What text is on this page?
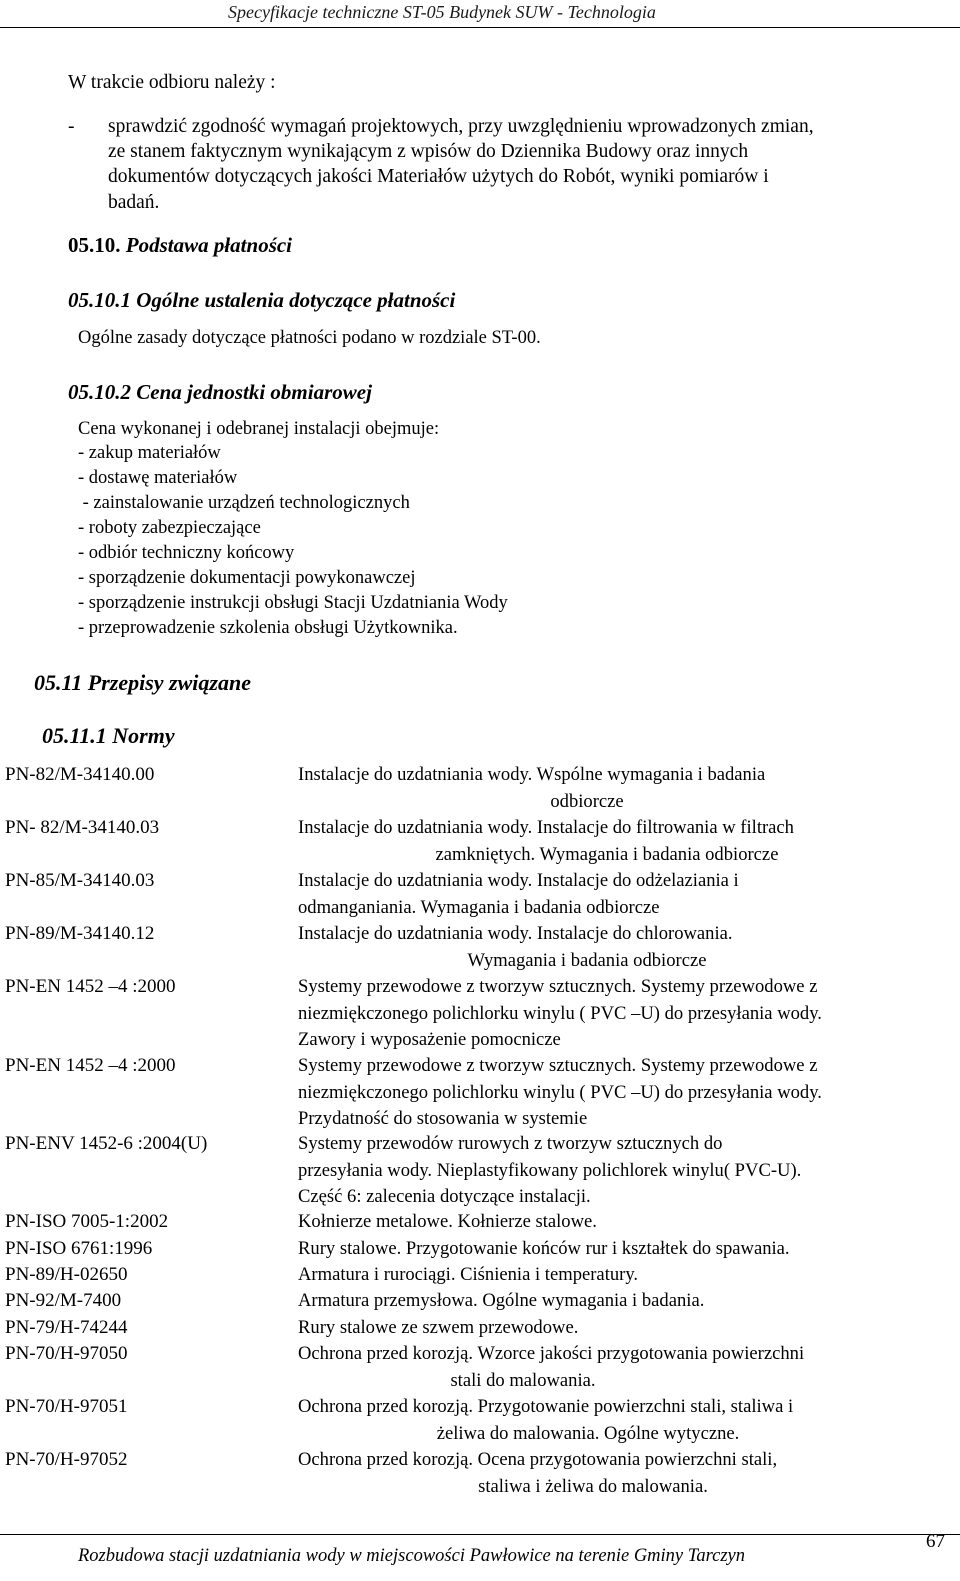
Specyfikacje techniczne ST-05 Budynek SUW - Technologia
W trakcie odbioru należy :
- sprawdzić zgodność wymagań projektowych, przy uwzględnieniu wprowadzonych zmian,
ze stanem faktycznym wynikającym z wpisów do Dziennika Budowy oraz innych
dokumentów dotyczących jakości Materiałów użytych do Robót, wyniki pomiarów i
badań.
05.10. Podstawa płatności
05.10.1 Ogólne ustalenia dotyczące płatności
Ogólne zasady dotyczące płatności podano w rozdziale ST-00.
05.10.2 Cena jednostki obmiarowej
Cena wykonanej i odebranej instalacji obejmuje:
- zakup materiałów
- dostawę materiałów
- zainstalowanie urządzeń technologicznych
- roboty zabezpieczające
- odbiór techniczny końcowy
- sporządzenie dokumentacji powykonawczej
- sporządzenie instrukcji obsługi Stacji Uzdatniania Wody
- przeprowadzenie szkolenia obsługi Użytkownika.
05.11 Przepisy związane
05.11.1 Normy
PN-82/M-34140.00	Instalacje do uzdatniania wody. Wspólne wymagania i badania
odbiorcze
PN- 82/M-34140.03	Instalacje do uzdatniania wody. Instalacje do filtrowania w filtrach
zamkniętych. Wymagania i badania odbiorcze
PN-85/M-34140.03	Instalacje do uzdatniania wody. Instalacje do odżelaziania i
odmanganiania. Wymagania i badania odbiorcze
PN-89/M-34140.12	Instalacje do uzdatniania wody. Instalacje do chlorowania.
Wymagania i badania odbiorcze
PN-EN 1452 –4 :2000	Systemy przewodowe z tworzyw sztucznych. Systemy przewodowe z
niezmiękczonego polichlorku winylu ( PVC –U) do przesyłania wody.
Zawory i wyposażenie pomocnicze
PN-EN 1452 –4 :2000	Systemy przewodowe z tworzyw sztucznych. Systemy przewodowe z
niezmiękczonego polichlorku winylu ( PVC –U) do przesyłania wody.
Przydatność do stosowania w systemie
PN-ENV 1452-6 :2004(U)	Systemy przewodów rurowych z tworzyw sztucznych do
przesyłania wody. Nieplastyfikowany polichlorek winylu( PVC-U).
Część 6: zalecenia dotyczące instalacji.
PN-ISO 7005-1:2002	Kołnierze metalowe. Kołnierze stalowe.
PN-ISO 6761:1996	Rury stalowe. Przygotowanie końców rur i kształtek do spawania.
PN-89/H-02650	Armatura i rurociągi. Ciśnienia i temperatury.
PN-92/M-7400	Armatura przemysłowa. Ogólne wymagania i badania.
PN-79/H-74244	Rury stalowe ze szwem przewodowe.
PN-70/H-97050	Ochrona przed korozją. Wzorce jakości przygotowania powierzchni
stali do malowania.
PN-70/H-97051	Ochrona przed korozją. Przygotowanie powierzchni stali, staliwa i
żeliwa do malowania. Ogólne wytyczne.
PN-70/H-97052	Ochrona przed korozją. Ocena przygotowania powierzchni stali,
staliwa i żeliwa do malowania.
Rozbudowa stacji uzdatniania wody w miejscowości Pawłowice na terenie Gminy Tarczyn
67
